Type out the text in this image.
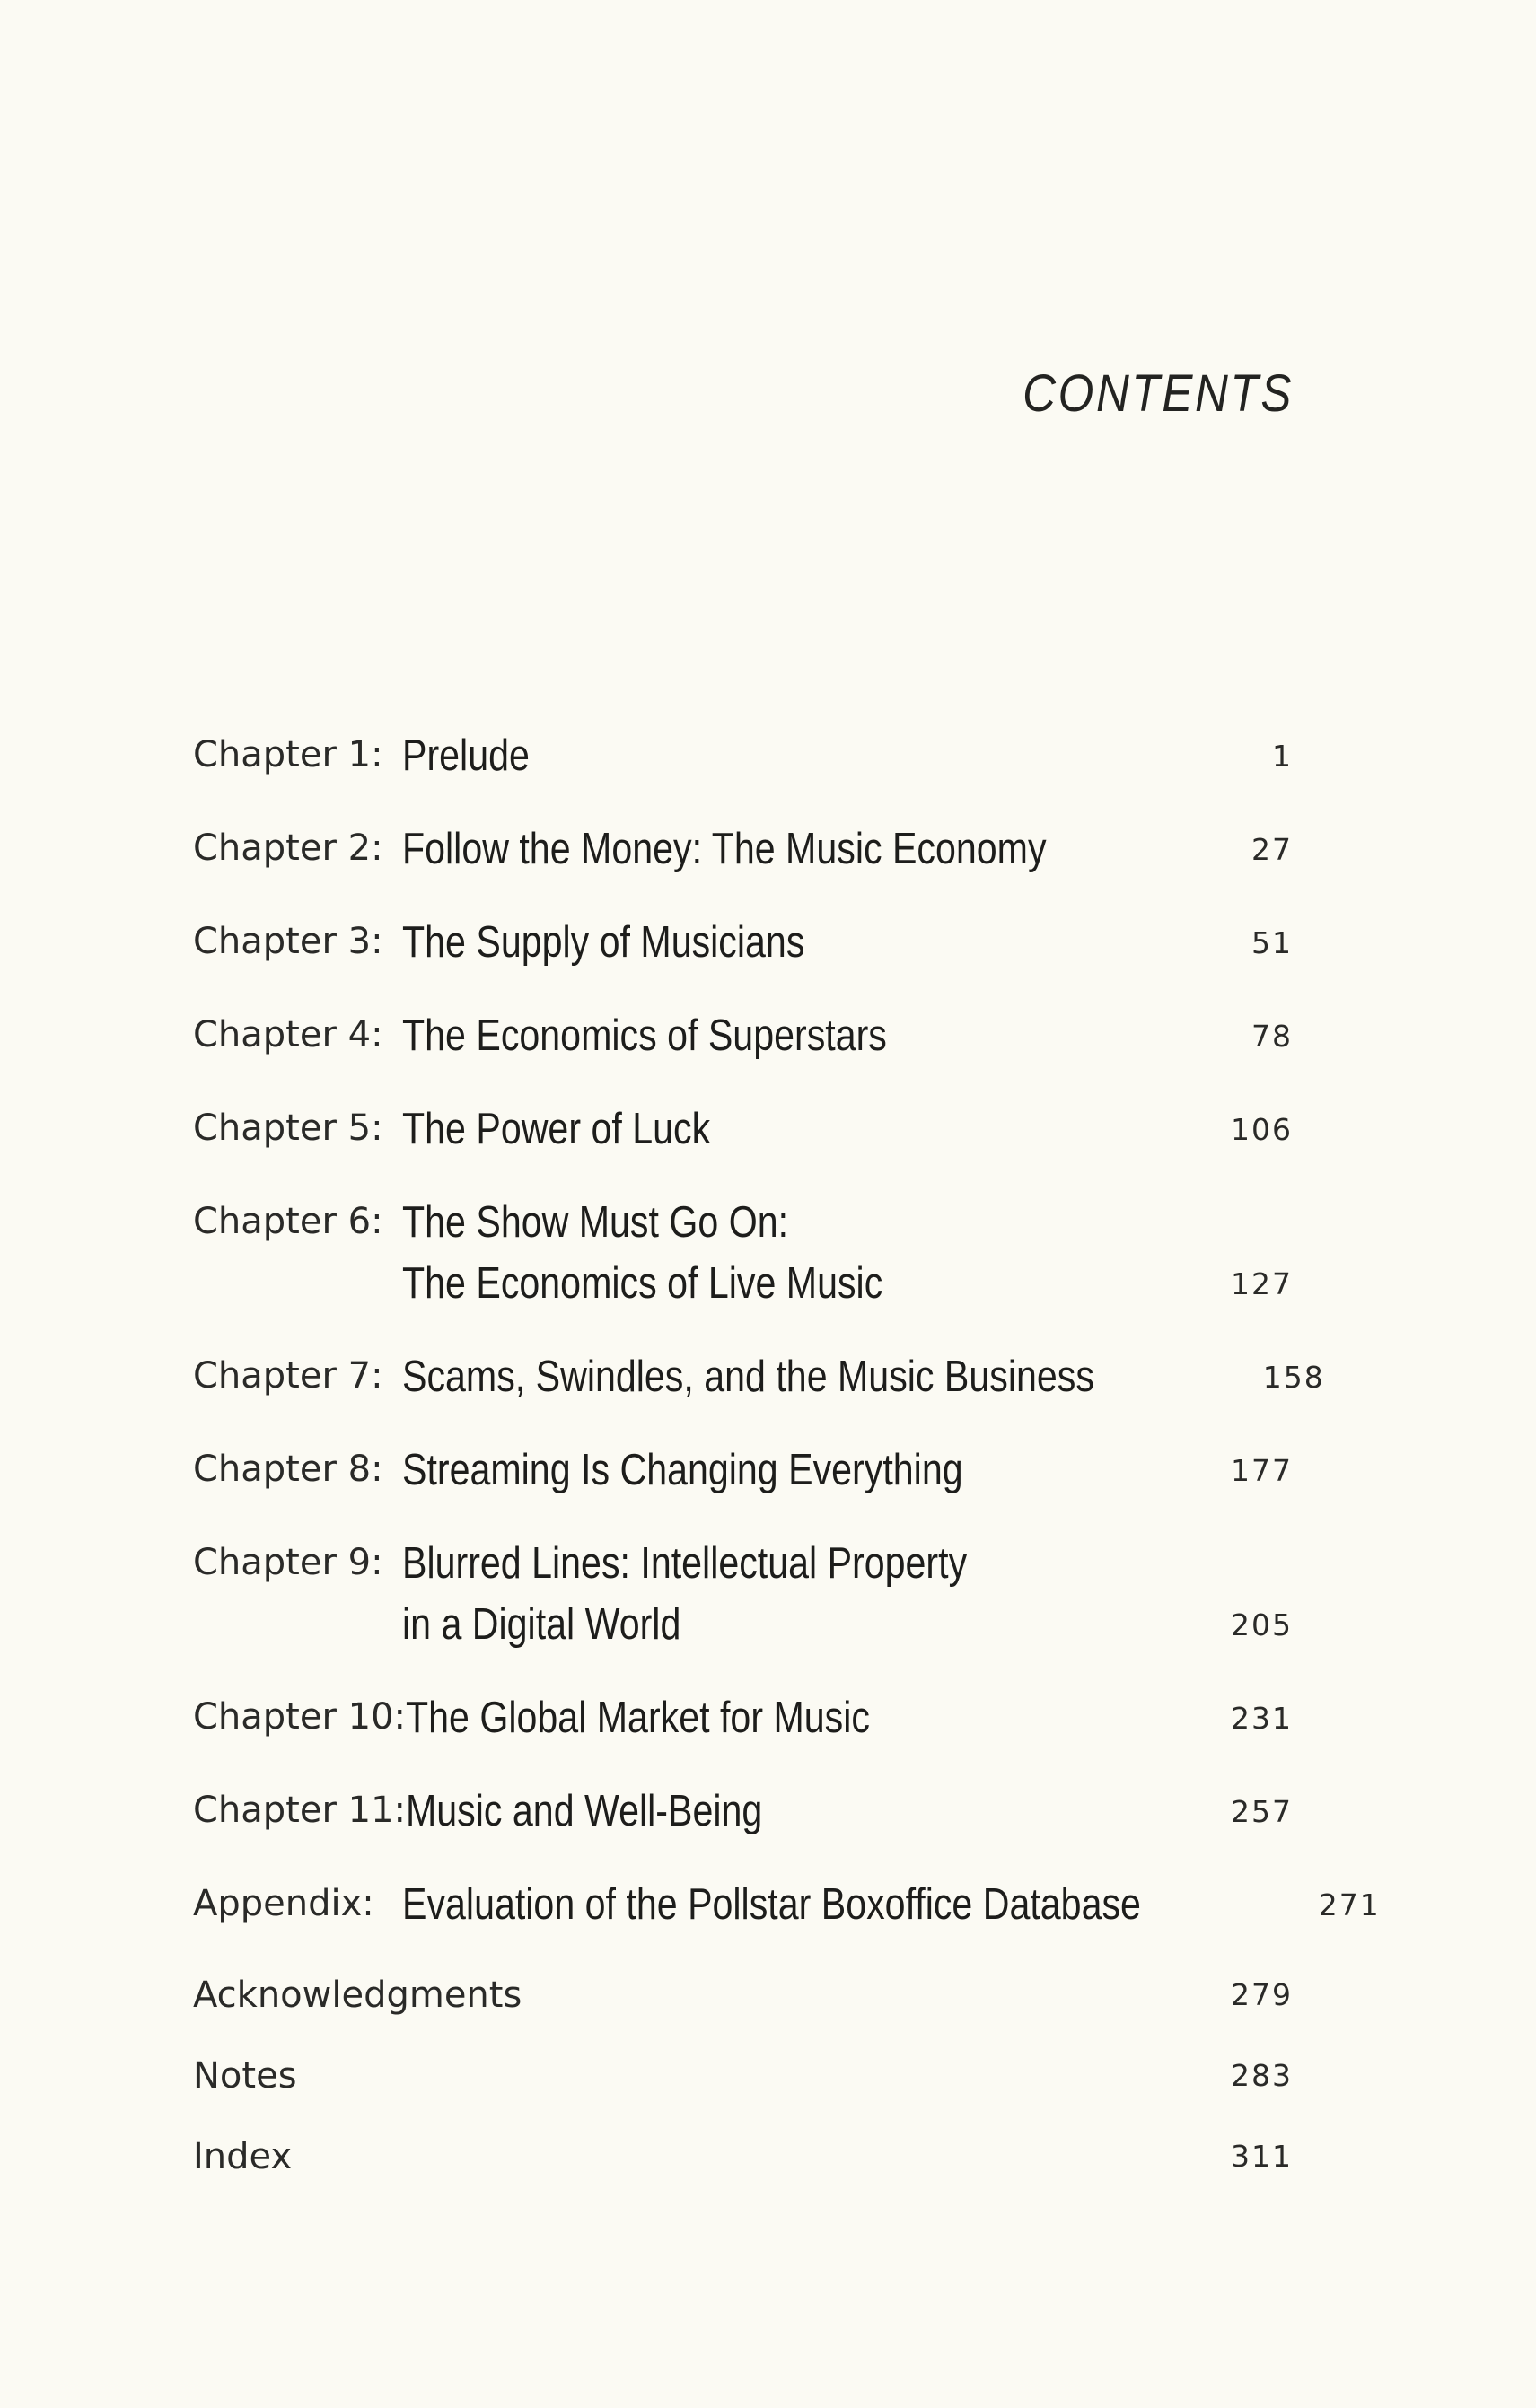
CONTENTS
Chapter 1: Prelude	1
Chapter 2: Follow the Money: The Music Economy	27
Chapter 3: The Supply of Musicians	51
Chapter 4: The Economics of Superstars	78
Chapter 5: The Power of Luck	106
Chapter 6: The Show Must Go On:
The Economics of Live Music	127
Chapter 7: Scams, Swindles, and the Music Business	158
Chapter 8: Streaming Is Changing Everything	177
Chapter 9: Blurred Lines: Intellectual Property
in a Digital World	205
Chapter 10: The Global Market for Music	231
Chapter 11: Music and Well-Being	257
Appendix: Evaluation of the Pollstar Boxoffice Database	271
Acknowledgments	279
Notes	283
Index	311
